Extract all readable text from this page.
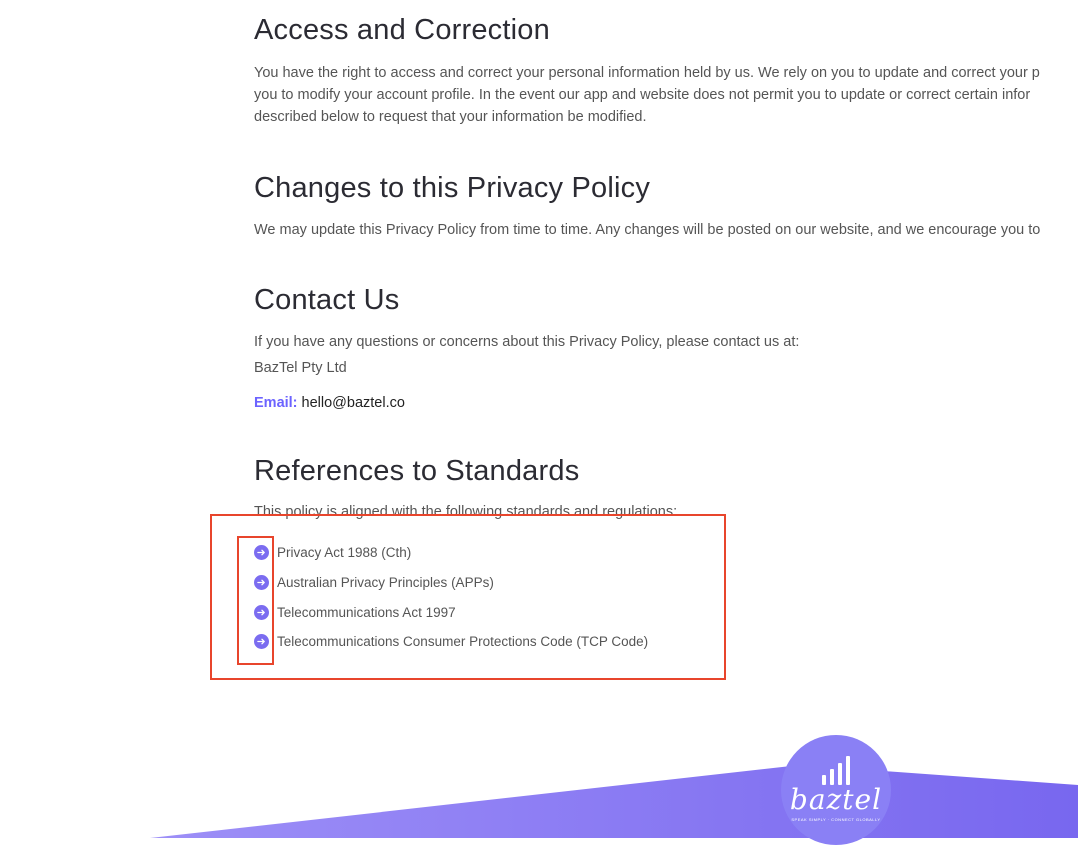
Access and Correction

You have the right to access and correct your personal information held by us. We rely on you to update and correct your p

you to modify your account profile. In the event our app and website does not permit you to update or correct certain infor

described below to request that your information be modified.

Changes to this Privacy Policy

We may update this Privacy Policy from time to time. Any changes will be posted on our website, and we encourage you to

Contact Us

If you have any questions or concerns about this Privacy Policy, please contact us at:

BazTel Pty Ltd

Email: hello@baztel.co
References to Standards

This policy is aligned with the following standards and regulations:

Privacy Act 1988 (Cth)
Australian Privacy Principles (APPs)
Telecommunications Act 1997
Telecommunications Consumer Protections Code (TCP Code)
baztel
SPEAK SIMPLY · CONNECT GLOBALLY
